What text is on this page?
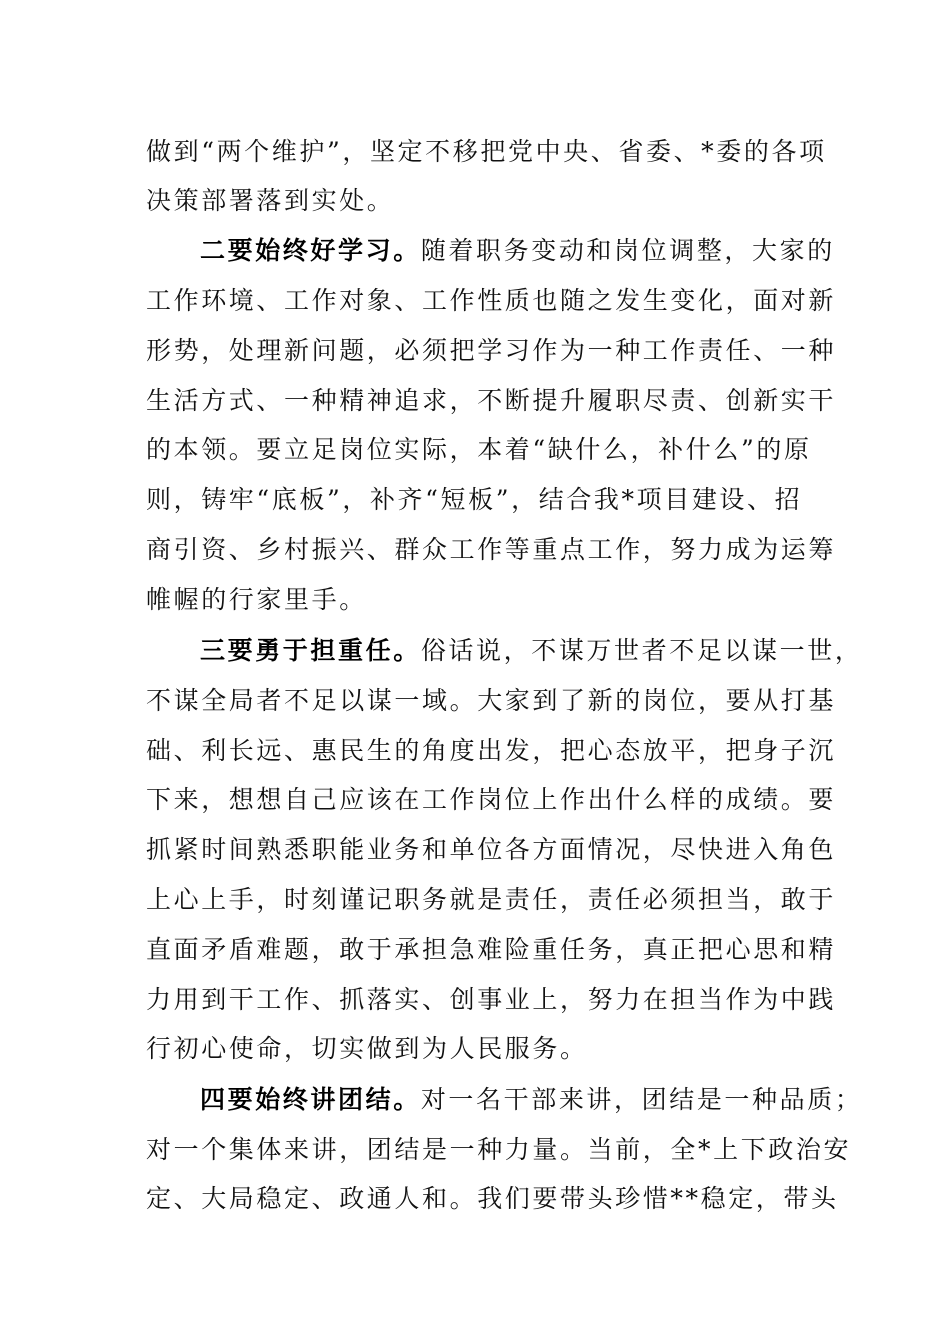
做到“两个维护”，坚定不移把党中央、省委、*委的各项
决策部署落到实处。
二要始终好学习。随着职务变动和岗位调整，大家的
工作环境、工作对象、工作性质也随之发生变化，面对新
形势，处理新问题，必须把学习作为一种工作责任、一种
生活方式、一种精神追求，不断提升履职尽责、创新实干
的本领。要立足岗位实际，本着“缺什么，补什么”的原
则，铸牢“底板”，补齐“短板”，结合我*项目建设、招
商引资、乡村振兴、群众工作等重点工作，努力成为运筹
帷幄的行家里手。
三要勇于担重任。俗话说，不谋万世者不足以谋一世，
不谋全局者不足以谋一域。大家到了新的岗位，要从打基
础、利长远、惠民生的角度出发，把心态放平，把身子沉
下来，想想自己应该在工作岗位上作出什么样的成绩。要
抓紧时间熟悉职能业务和单位各方面情况，尽快进入角色
上心上手，时刻谨记职务就是责任，责任必须担当，敢于
直面矛盾难题，敢于承担急难险重任务，真正把心思和精
力用到干工作、抓落实、创事业上，努力在担当作为中践
行初心使命，切实做到为人民服务。
四要始终讲团结。对一名干部来讲，团结是一种品质；
对一个集体来讲，团结是一种力量。当前，全*上下政治安
定、大局稳定、政通人和。我们要带头珍惜**稳定，带头
